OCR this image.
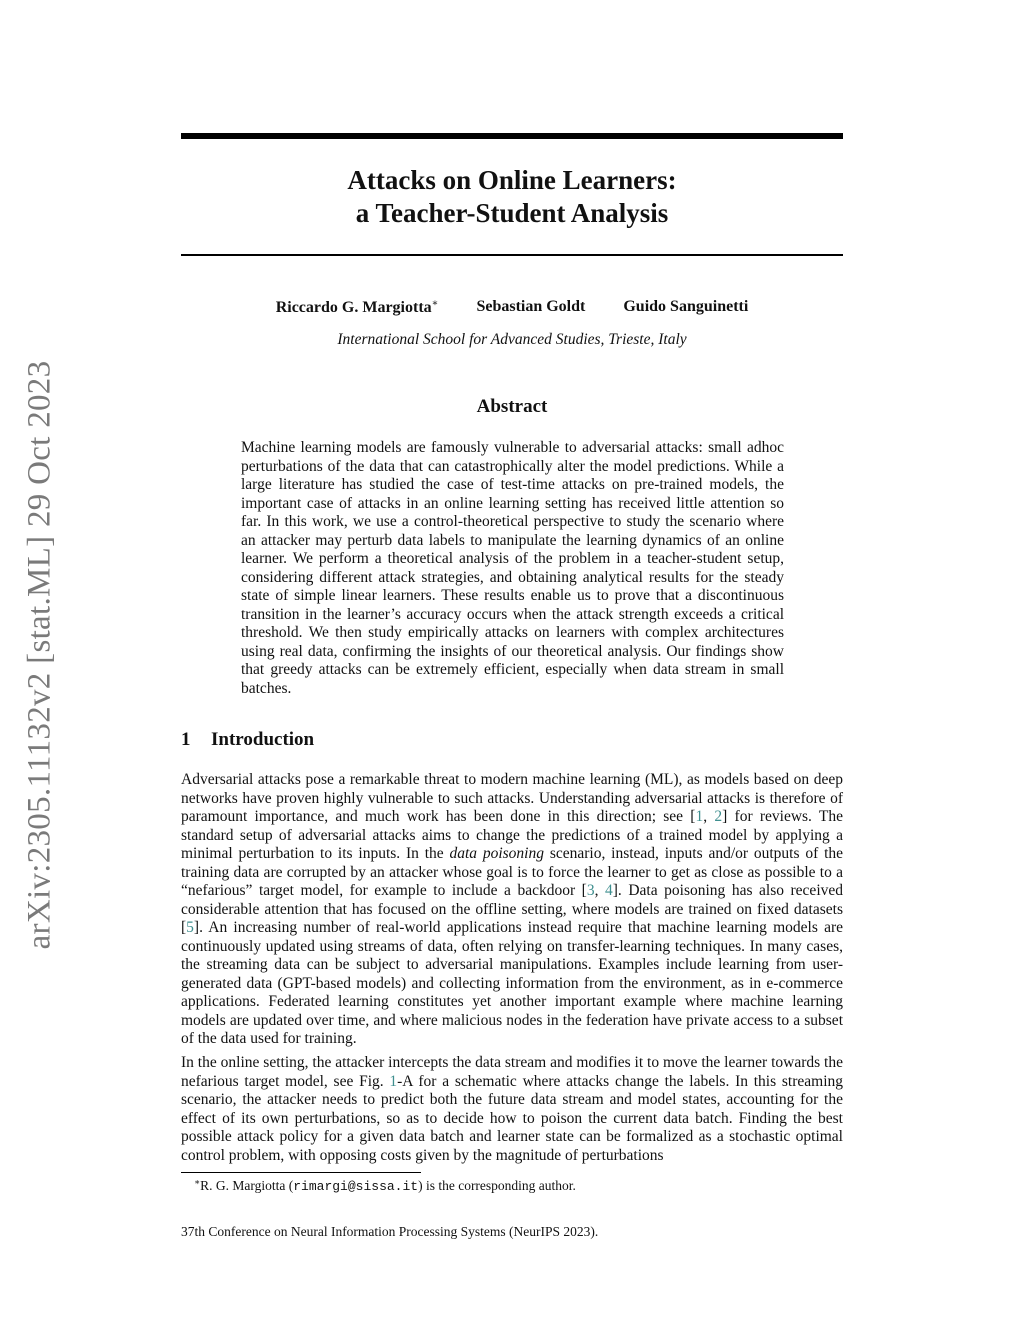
arXiv:2305.11132v2 [stat.ML] 29 Oct 2023
Attacks on Online Learners:
a Teacher-Student Analysis
Riccardo G. Margiotta∗ Sebastian Goldt Guido Sanguinetti
International School for Advanced Studies, Trieste, Italy
Abstract
Machine learning models are famously vulnerable to adversarial attacks: small adhoc perturbations of the data that can catastrophically alter the model predictions. While a large literature has studied the case of test-time attacks on pre-trained models, the important case of attacks in an online learning setting has received little attention so far. In this work, we use a control-theoretical perspective to study the scenario where an attacker may perturb data labels to manipulate the learning dynamics of an online learner. We perform a theoretical analysis of the problem in a teacher-student setup, considering different attack strategies, and obtaining analytical results for the steady state of simple linear learners. These results enable us to prove that a discontinuous transition in the learner’s accuracy occurs when the attack strength exceeds a critical threshold. We then study empirically attacks on learners with complex architectures using real data, confirming the insights of our theoretical analysis. Our findings show that greedy attacks can be extremely efficient, especially when data stream in small batches.
1 Introduction
Adversarial attacks pose a remarkable threat to modern machine learning (ML), as models based on deep networks have proven highly vulnerable to such attacks. Understanding adversarial attacks is therefore of paramount importance, and much work has been done in this direction; see [1, 2] for reviews. The standard setup of adversarial attacks aims to change the predictions of a trained model by applying a minimal perturbation to its inputs. In the data poisoning scenario, instead, inputs and/or outputs of the training data are corrupted by an attacker whose goal is to force the learner to get as close as possible to a “nefarious” target model, for example to include a backdoor [3, 4]. Data poisoning has also received considerable attention that has focused on the offline setting, where models are trained on fixed datasets [5]. An increasing number of real-world applications instead require that machine learning models are continuously updated using streams of data, often relying on transfer-learning techniques. In many cases, the streaming data can be subject to adversarial manipulations. Examples include learning from user-generated data (GPT-based models) and collecting information from the environment, as in e-commerce applications. Federated learning constitutes yet another important example where machine learning models are updated over time, and where malicious nodes in the federation have private access to a subset of the data used for training.
In the online setting, the attacker intercepts the data stream and modifies it to move the learner towards the nefarious target model, see Fig. 1-A for a schematic where attacks change the labels. In this streaming scenario, the attacker needs to predict both the future data stream and model states, accounting for the effect of its own perturbations, so as to decide how to poison the current data batch. Finding the best possible attack policy for a given data batch and learner state can be formalized as a stochastic optimal control problem, with opposing costs given by the magnitude of perturbations
∗R. G. Margiotta (rimargi@sissa.it) is the corresponding author.
37th Conference on Neural Information Processing Systems (NeurIPS 2023).
